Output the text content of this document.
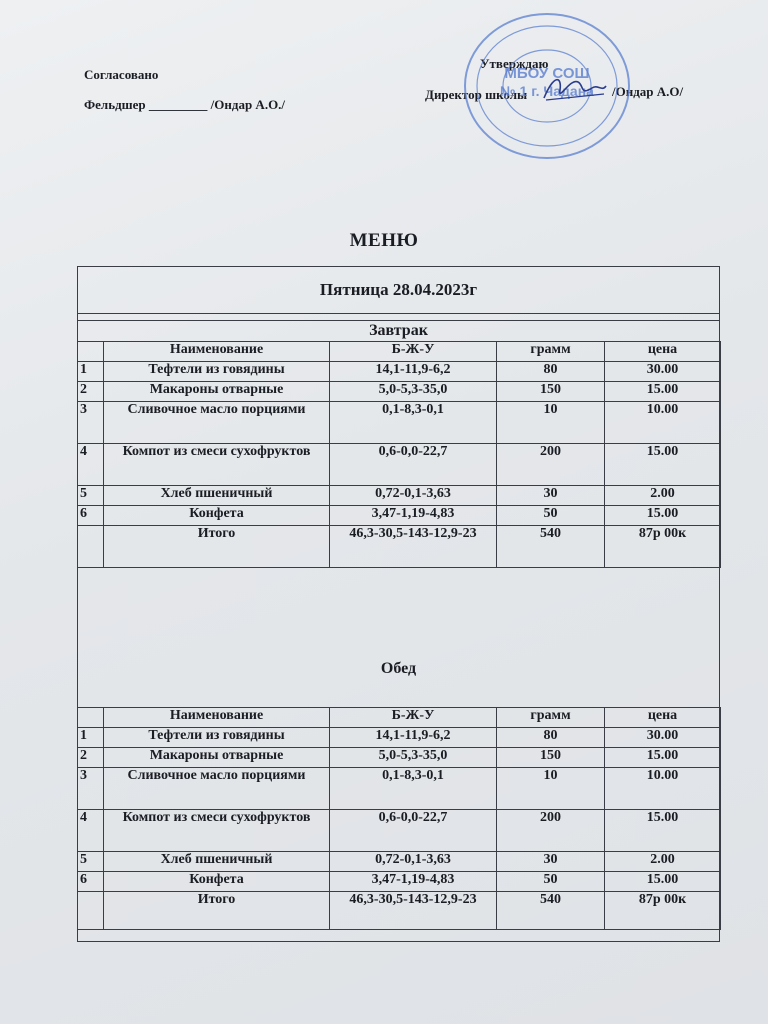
Согласовано
Фельдшер _________ /Ондар А.О./
Утверждаю
Директор школы	/Ондар А.О/
МБОУ СОШ
№ 1 г. Чадана
МЕНЮ
Пятница 28.04.2023г
Завтрак
	Наименование	Б-Ж-У	грамм	цена
1	Тефтели из говядины	14,1-11,9-6,2	80	30.00
2	Макароны отварные	5,0-5,3-35,0	150	15.00
3	Сливочное масло порциями	0,1-8,3-0,1	10	10.00
4	Компот из смеси сухофруктов	0,6-0,0-22,7	200	15.00
5	Хлеб пшеничный	0,72-0,1-3,63	30	2.00
6	Конфета	3,47-1,19-4,83	50	15.00
	Итого	46,3-30,5-143-12,9-23	540	87р 00к
Обед
	Наименование	Б-Ж-У	грамм	цена
1	Тефтели из говядины	14,1-11,9-6,2	80	30.00
2	Макароны отварные	5,0-5,3-35,0	150	15.00
3	Сливочное масло порциями	0,1-8,3-0,1	10	10.00
4	Компот из смеси сухофруктов	0,6-0,0-22,7	200	15.00
5	Хлеб пшеничный	0,72-0,1-3,63	30	2.00
6	Конфета	3,47-1,19-4,83	50	15.00
	Итого	46,3-30,5-143-12,9-23	540	87р 00к
